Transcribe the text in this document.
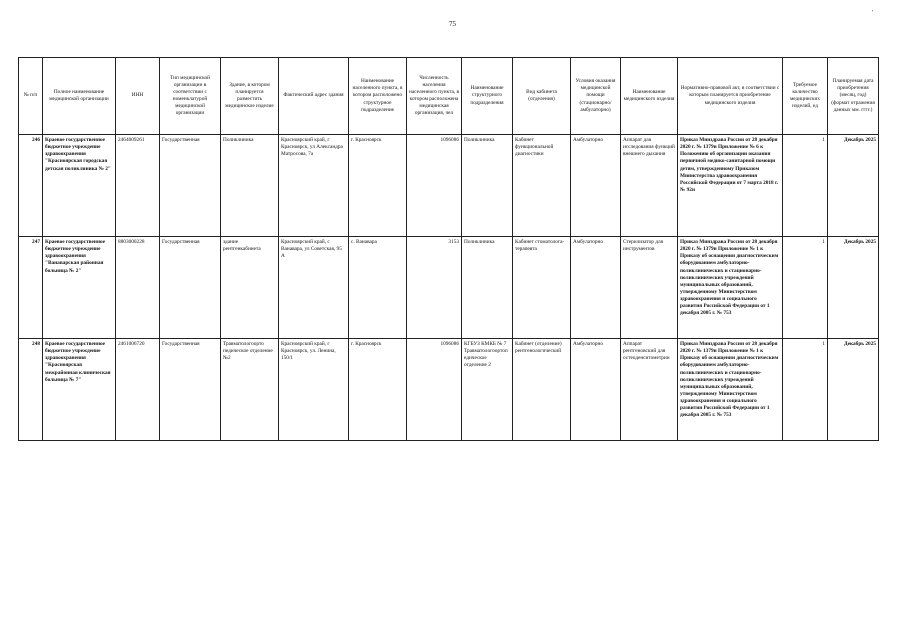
'
75
№ п/п	Полное наименование медицинской организации	ИНН	Тип медицинской организации в соответствии с номенклатурой медицинской организации	Здание, в котором планируется разместить медицинское изделие	Фактический адрес здания	Наименование населенного пункта, в котором расположено структурное подразделение	Численность населения населенного пункта, в котором расположена медицинская организация, чел	Наименование структурного подразделения	Вид кабинета (отделения)	Условия оказания медицинской помощи (стационарно/амбулаторно)	Наименование медицинского изделия	Нормативно-правовой акт, в соответствии с которым планируется приобретение медицинского изделия	Требуемое количество медицинских изделий, ед	Планируемая дата приобретения (месяц, год) (формат отражения данных мм. гггг.)
246	Краевое государственное бюджетное учреждение здравоохранения "Красноярская городская детская поликлиника № 2"	2464009261	Государственная	Поликлиника	Красноярский край, г Красноярск, ул Александра Матросова, 7а	г. Красноярск	1096086	Поликлиника	Кабинет функциональной диагностики	Амбулаторно	Аппарат для исследования функций внешнего дыхания	Приказ Минздрава России от 28 декабря 2020 г. № 1379н Приложение № 6 к Положению об организации оказания первичной медико-санитарной помощи детям, утвержденному Приказом Министерства здравоохранения Российской Федерации от 7 марта 2018 г. № 92н	1	Декабрь 2025
247	Краевое государственное бюджетное учреждение здравоохранения "Ванаварская районная больница № 2"	8803000228	Государственная	здание рентгенкабинета	Красноярский край, с Ванавара, ул Советская, 95 А	с. Ванавара	3153	Поликлиника	Кабинет стоматолога-терапевта	Амбулаторно	Стерилизатор для инструментов	Приказ Минздрава России от 28 декабря 2020 г. № 1379н Приложение № 1 к Приказу об оснащении диагностическим оборудованием амбулаторно-поликлинических и стационарно-поликлинических учреждений муниципальных образований, утвержденному Министерством здравоохранения и социального развития Российской Федерации от 1 декабря 2005 г. № 753	1	Декабрь 2025
248	Краевое государственное бюджетное учреждение здравоохранения "Красноярская межрайонная клиническая больница № 7"	2461006720	Государственная	Травматологоорто педическое отделение №2	Красноярский край, г Красноярск, ул. Ленина, 150/1	г. Красноярск	1096086	КГБУЗ КМКБ № 7 Травматологоортопедическое отделение 2	Кабинет (отделение) рентгенологический	Амбулаторно	Аппарат рентгеновский для остеоденситометрии	Приказ Минздрава России от 28 декабря 2020 г. № 1379н Приложение № 1 к Приказу об оснащении диагностическим оборудованием амбулаторно-поликлинических и стационарно-поликлинических учреждений муниципальных образований, утвержденному Министерством здравоохранения и социального развития Российской Федерации от 1 декабря 2005 г. № 753	1	Декабрь 2025
